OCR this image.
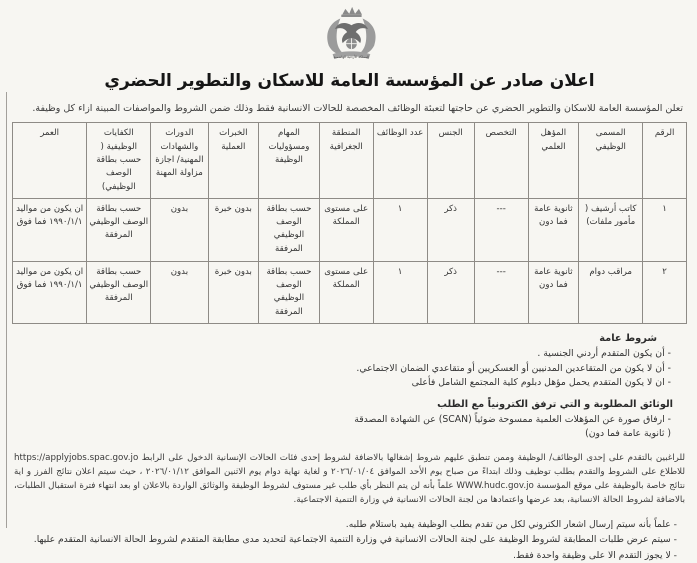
المملكة الأردنية الهاشمية
اعلان صادر عن المؤسسة العامة للاسكان والتطوير الحضري
تعلن المؤسسة العامة للاسكان والتطوير الحضري عن حاجتها لتعبئة الوظائف المخصصة للحالات الانسانية فقط وذلك ضمن الشروط والمواصفات المبينة ازاء كل وظيفة.
الرقم	المسمى الوظيفي	المؤهل العلمي	التخصص	الجنس	عدد الوظائف	المنطقة الجغرافية	المهام ومسؤوليات الوظيفة	الخبرات العملية	الدورات والشهادات المهنية/ اجازة مزاولة المهنة	الكفايات الوظيفية ( حسب بطاقة الوصف الوظيفي)	العمر
١	كاتب أرشيف ( مأمور ملفات)	ثانوية عامة فما دون	---	ذكر	١	على مستوى المملكة	حسب بطاقة الوصف الوظيفي المرفقة	بدون خبرة	بدون	حسب بطاقة الوصف الوظيفي المرفقة	ان يكون من مواليد ١٩٩٠/١/١ فما فوق
٢	مراقب دوام	ثانوية عامة فما دون	---	ذكر	١	على مستوى المملكة	حسب بطاقة الوصف الوظيفي المرفقة	بدون خبرة	بدون	حسب بطاقة الوصف الوظيفي المرفقة	ان يكون من مواليد ١٩٩٠/١/١ فما فوق
شروط عامة
- أن يكون المتقدم أردني الجنسية .
- أن لا يكون من المتقاعدين المدنيين أو العسكريين أو متقاعدي الضمان الاجتماعي.
- ان لا يكون المتقدم يحمل مؤهل دبلوم كلية المجتمع الشامل فأعلى
الوثائق المطلوبة و التي ترفق الكترونياً مع الطلب
- ارفاق صورة عن المؤهلات العلمية ممسوحة ضوئياً (SCAN) عن الشهادة المصدقة
( ثانوية عامة فما دون)
للراغبين بالتقدم على إحدى الوظائف/ الوظيفة وممن تنطبق عليهم شروط إشغالها بالاضافة لشروط إحدى فئات الحالات الإنسانية الدخول على الرابط https://applyjobs.spac.gov.jo للاطلاع على الشروط والتقدم بطلب توظيف وذلك ابتداءً من صباح يوم الأحد الموافق ٢٠٢٦/٠١/٠٤ و لغاية نهاية دوام يوم الاثنين الموافق ٢٠٢٦/٠١/١٢ ، حيث سيتم اعلان نتائج الفرز و اية نتائج خاصة بالوظيفة على موقع المؤسسة WWW.hudc.gov.jo علماً بأنه لن يتم النظر بأي طلب غير مستوف لشروط الوظيفة والوثائق الواردة بالاعلان او بعد انتهاء فترة استقبال الطلبات، بالاضافة لشروط الحالة الانسانية، بعد عرضها واعتمادها من لجنة الحالات الانسانية في وزارة التنمية الاجتماعية.
- علماً بأنه سيتم إرسال اشعار الكتروني لكل من تقدم بطلب الوظيفة يفيد باستلام طلبه.
- سيتم عرض طلبات المطابقة لشروط الوظيفة على لجنة الحالات الانسانية في وزارة التنمية الاجتماعية لتحديد مدى مطابقة المتقدم لشروط الحالة الانسانية المتقدم عليها.
- لا يجوز التقدم الا على وظيفة واحدة فقط.
